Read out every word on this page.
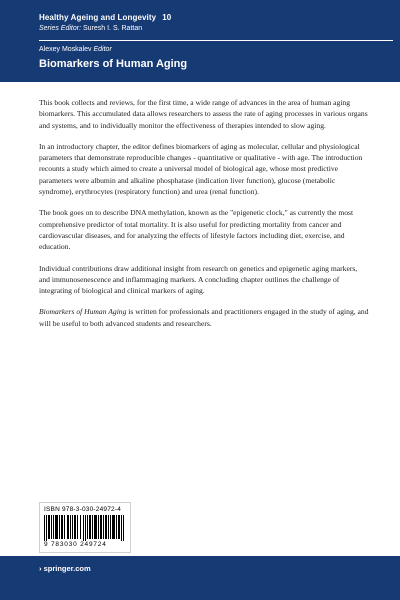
Healthy Ageing and Longevity 10
Series Editor: Suresh I. S. Rattan
Alexey Moskalev Editor
Biomarkers of Human Aging

This book collects and reviews, for the first time, a wide range of advances in the area of human aging biomarkers. This accumulated data allows researchers to assess the rate of aging processes in various organs and systems, and to individually monitor the effectiveness of therapies intended to slow aging.

In an introductory chapter, the editor defines biomarkers of aging as molecular, cellular and physiological parameters that demonstrate reproducible changes - quantitative or qualitative - with age. The introduction recounts a study which aimed to create a universal model of biological age, whose most predictive parameters were albumin and alkaline phosphatase (indication liver function), glucose (metabolic syndrome), erythrocytes (respiratory function) and urea (renal function).

The book goes on to describe DNA methylation, known as the "epigenetic clock," as currently the most comprehensive predictor of total mortality. It is also useful for predicting mortality from cancer and cardiovascular diseases, and for analyzing the effects of lifestyle factors including diet, exercise, and education.

Individual contributions draw additional insight from research on genetics and epigenetic aging markers, and immunosenescence and inflammaging markers. A concluding chapter outlines the challenge of integrating of biological and clinical markers of aging.

Biomarkers of Human Aging is written for professionals and practitioners engaged in the study of aging, and will be useful to both advanced students and researchers.

ISBN 978-3-030-24972-4
9 783030 249724
› springer.com
